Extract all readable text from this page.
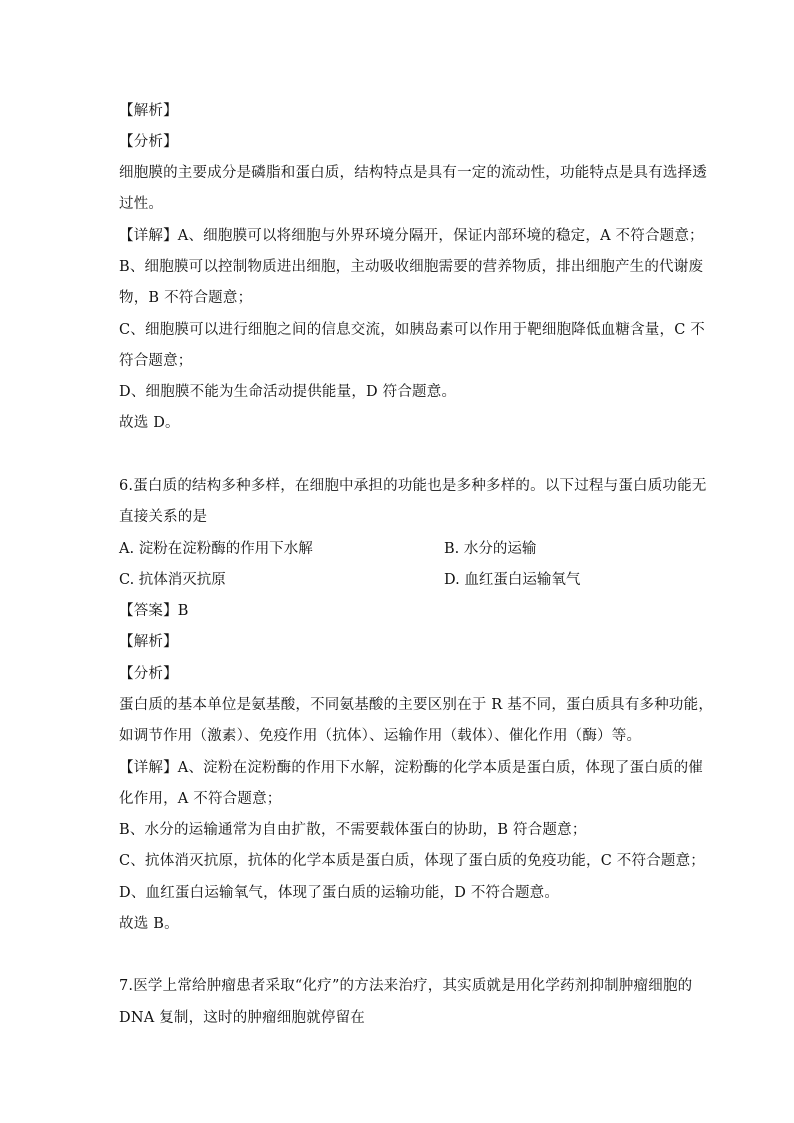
【解析】
【分析】
细胞膜的主要成分是磷脂和蛋白质，结构特点是具有一定的流动性，功能特点是具有选择透
过性。
【详解】A、细胞膜可以将细胞与外界环境分隔开，保证内部环境的稳定，A 不符合题意；
B、细胞膜可以控制物质进出细胞，主动吸收细胞需要的营养物质，排出细胞产生的代谢废
物，B 不符合题意；
C、细胞膜可以进行细胞之间的信息交流，如胰岛素可以作用于靶细胞降低血糖含量，C 不
符合题意；
D、细胞膜不能为生命活动提供能量，D 符合题意。
故选 D。
6.蛋白质的结构多种多样，在细胞中承担的功能也是多种多样的。以下过程与蛋白质功能无
直接关系的是
A. 淀粉在淀粉酶的作用下水解	B. 水分的运输
C. 抗体消灭抗原	D. 血红蛋白运输氧气
【答案】B
【解析】
【分析】
蛋白质的基本单位是氨基酸，不同氨基酸的主要区别在于 R 基不同，蛋白质具有多种功能，
如调节作用（激素）、免疫作用（抗体）、运输作用（载体）、催化作用（酶）等。
【详解】A、淀粉在淀粉酶的作用下水解，淀粉酶的化学本质是蛋白质，体现了蛋白质的催
化作用，A 不符合题意；
B、水分的运输通常为自由扩散，不需要载体蛋白的协助，B 符合题意；
C、抗体消灭抗原，抗体的化学本质是蛋白质，体现了蛋白质的免疫功能，C 不符合题意；
D、血红蛋白运输氧气，体现了蛋白质的运输功能，D 不符合题意。
故选 B。
7.医学上常给肿瘤患者采取“化疗”的方法来治疗，其实质就是用化学药剂抑制肿瘤细胞的
DNA 复制，这时的肿瘤细胞就停留在
